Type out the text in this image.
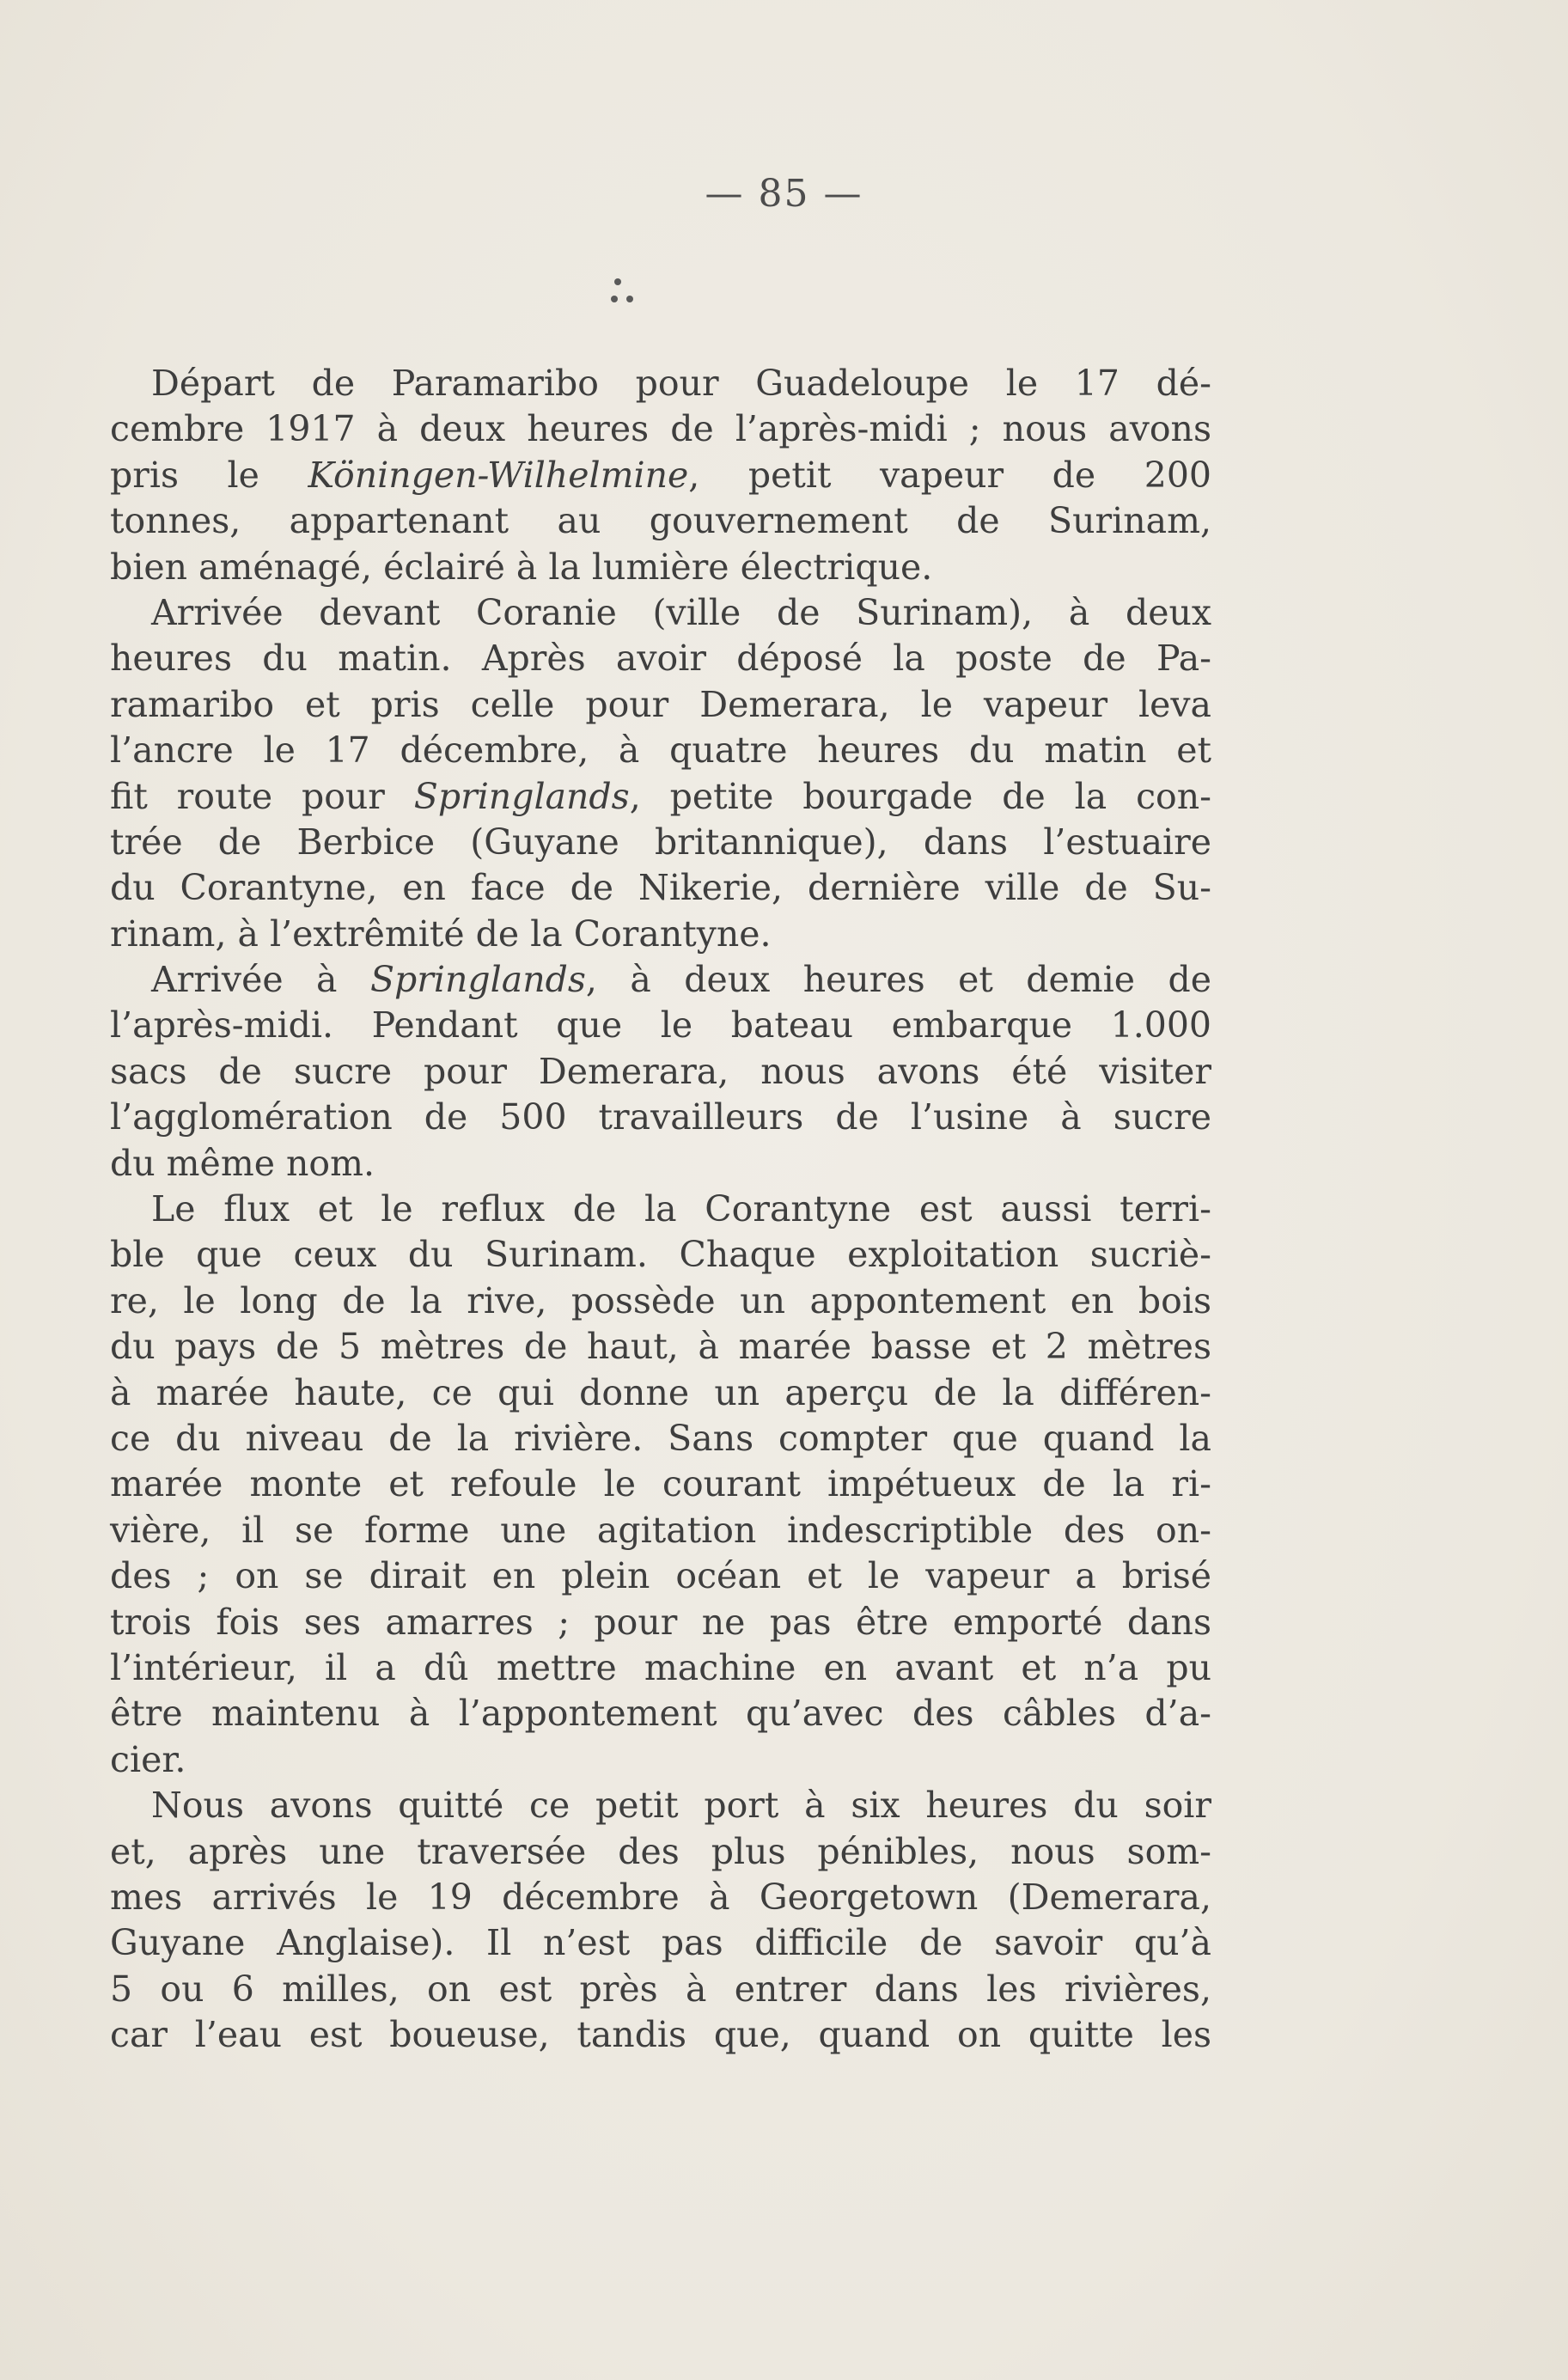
— 85 —
Départ de Paramaribo pour Guadeloupe le 17 dé-
cembre 1917 à deux heures de l’après-midi ; nous avons
pris le Köningen-Wilhelmine, petit vapeur de 200
tonnes, appartenant au gouvernement de Surinam,
bien aménagé, éclairé à la lumière électrique.
Arrivée devant Coranie (ville de Surinam), à deux
heures du matin. Après avoir déposé la poste de Pa-
ramaribo et pris celle pour Demerara, le vapeur leva
l’ancre le 17 décembre, à quatre heures du matin et
fit route pour Springlands, petite bourgade de la con-
trée de Berbice (Guyane britannique), dans l’estuaire
du Corantyne, en face de Nikerie, dernière ville de Su-
rinam, à l’extrêmité de la Corantyne.
Arrivée à Springlands, à deux heures et demie de
l’après-midi. Pendant que le bateau embarque 1.000
sacs de sucre pour Demerara, nous avons été visiter
l’agglomération de 500 travailleurs de l’usine à sucre
du même nom.
Le flux et le reflux de la Corantyne est aussi terri-
ble que ceux du Surinam. Chaque exploitation sucriè-
re, le long de la rive, possède un appontement en bois
du pays de 5 mètres de haut, à marée basse et 2 mètres
à marée haute, ce qui donne un aperçu de la différen-
ce du niveau de la rivière. Sans compter que quand la
marée monte et refoule le courant impétueux de la ri-
vière, il se forme une agitation indescriptible des on-
des ; on se dirait en plein océan et le vapeur a brisé
trois fois ses amarres ; pour ne pas être emporté dans
l’intérieur, il a dû mettre machine en avant et n’a pu
être maintenu à l’appontement qu’avec des câbles d’a-
cier.
Nous avons quitté ce petit port à six heures du soir
et, après une traversée des plus pénibles, nous som-
mes arrivés le 19 décembre à Georgetown (Demerara,
Guyane Anglaise). Il n’est pas difficile de savoir qu’à
5 ou 6 milles, on est près à entrer dans les rivières,
car l’eau est boueuse, tandis que, quand on quitte les
